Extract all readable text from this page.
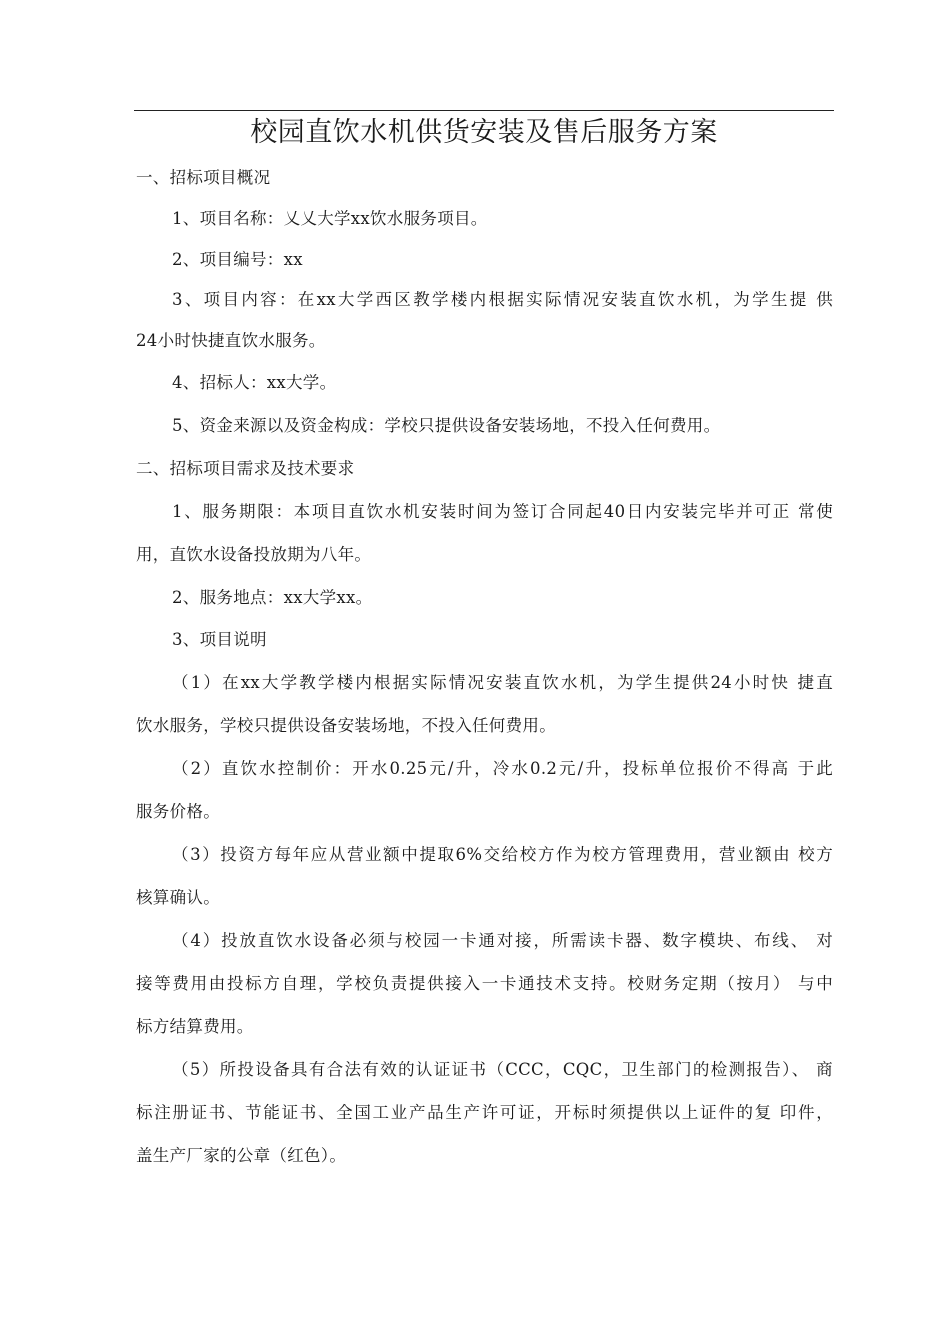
校园直饮水机供货安装及售后服务方案
一、招标项目概况
1、项目名称：乂乂大学xx饮水服务项目。
2、项目编号：xx
3、项目内容：在xx大学西区教学楼内根据实际情况安装直饮水机，为学生提 供
24小时快捷直饮水服务。
4、招标人：xx大学。
5、资金来源以及资金构成：学校只提供设备安装场地，不投入任何费用。
二、招标项目需求及技术要求
1、服务期限：本项目直饮水机安装时间为签订合同起40日内安装完毕并可正 常使
用，直饮水设备投放期为八年。
2、服务地点：xx大学xx。
3、项目说明
（1）在xx大学教学楼内根据实际情况安装直饮水机，为学生提供24小时快 捷直
饮水服务，学校只提供设备安装场地，不投入任何费用。
（2）直饮水控制价：开水0.25元/升，冷水0.2元/升，投标单位报价不得高 于此
服务价格。
（3）投资方每年应从营业额中提取6%交给校方作为校方管理费用，营业额由 校方
核算确认。
（4）投放直饮水设备必须与校园一卡通对接，所需读卡器、数字模块、布线、 对
接等费用由投标方自理，学校负责提供接入一卡通技术支持。校财务定期（按月） 与中
标方结算费用。
（5）所投设备具有合法有效的认证证书（CCC，CQC，卫生部门的检测报告）、 商
标注册证书、节能证书、全国工业产品生产许可证，开标时须提供以上证件的复 印件，
盖生产厂家的公章（红色）。
